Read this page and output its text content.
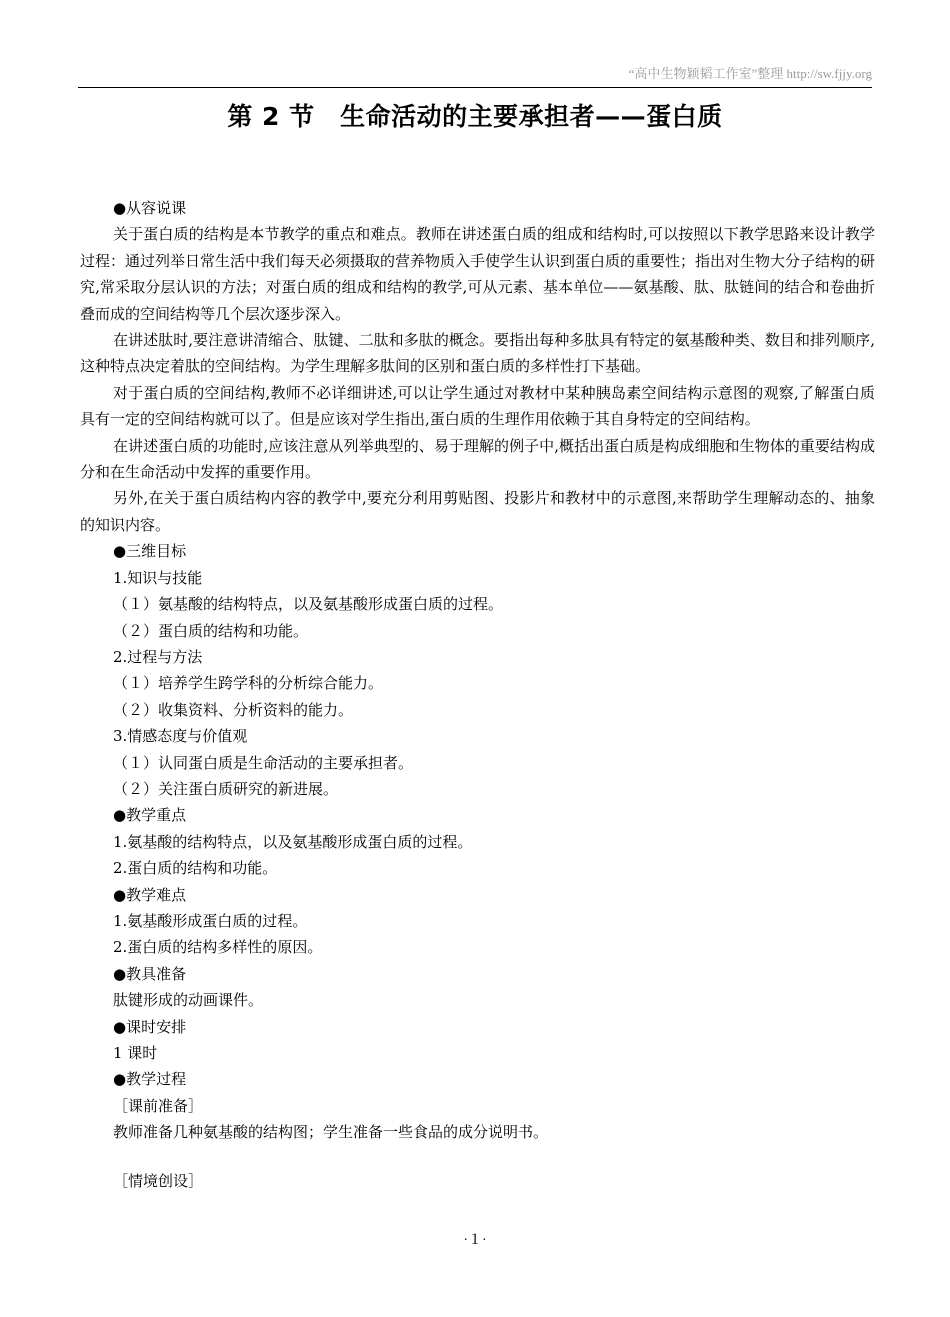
“高中生物颖韬工作室”整理 http://sw.fjjy.org
第 2 节　生命活动的主要承担者——蛋白质

●从容说课

关于蛋白质的结构是本节教学的重点和难点。教师在讲述蛋白质的组成和结构时,可以按照以下教学思路来设计教学过程：通过列举日常生活中我们每天必须摄取的营养物质入手使学生认识到蛋白质的重要性；指出对生物大分子结构的研究,常采取分层认识的方法；对蛋白质的组成和结构的教学,可从元素、基本单位——氨基酸、肽、肽链间的结合和卷曲折叠而成的空间结构等几个层次逐步深入。

在讲述肽时,要注意讲清缩合、肽键、二肽和多肽的概念。要指出每种多肽具有特定的氨基酸种类、数目和排列顺序,这种特点决定着肽的空间结构。为学生理解多肽间的区别和蛋白质的多样性打下基础。

对于蛋白质的空间结构,教师不必详细讲述,可以让学生通过对教材中某种胰岛素空间结构示意图的观察,了解蛋白质具有一定的空间结构就可以了。但是应该对学生指出,蛋白质的生理作用依赖于其自身特定的空间结构。

在讲述蛋白质的功能时,应该注意从列举典型的、易于理解的例子中,概括出蛋白质是构成细胞和生物体的重要结构成分和在生命活动中发挥的重要作用。

另外,在关于蛋白质结构内容的教学中,要充分利用剪贴图、投影片和教材中的示意图,来帮助学生理解动态的、抽象的知识内容。

●三维目标

1.知识与技能

（１）氨基酸的结构特点，以及氨基酸形成蛋白质的过程。

（２）蛋白质的结构和功能。

2.过程与方法

（１）培养学生跨学科的分析综合能力。

（２）收集资料、分析资料的能力。

3.情感态度与价值观

（１）认同蛋白质是生命活动的主要承担者。

（２）关注蛋白质研究的新进展。

●教学重点

1.氨基酸的结构特点，以及氨基酸形成蛋白质的过程。

2.蛋白质的结构和功能。

●教学难点

1.氨基酸形成蛋白质的过程。

2.蛋白质的结构多样性的原因。

●教具准备

肽键形成的动画课件。

●课时安排

1 课时

●教学过程

［课前准备］

教师准备几种氨基酸的结构图；学生准备一些食品的成分说明书。

［情境创设］

·１·
